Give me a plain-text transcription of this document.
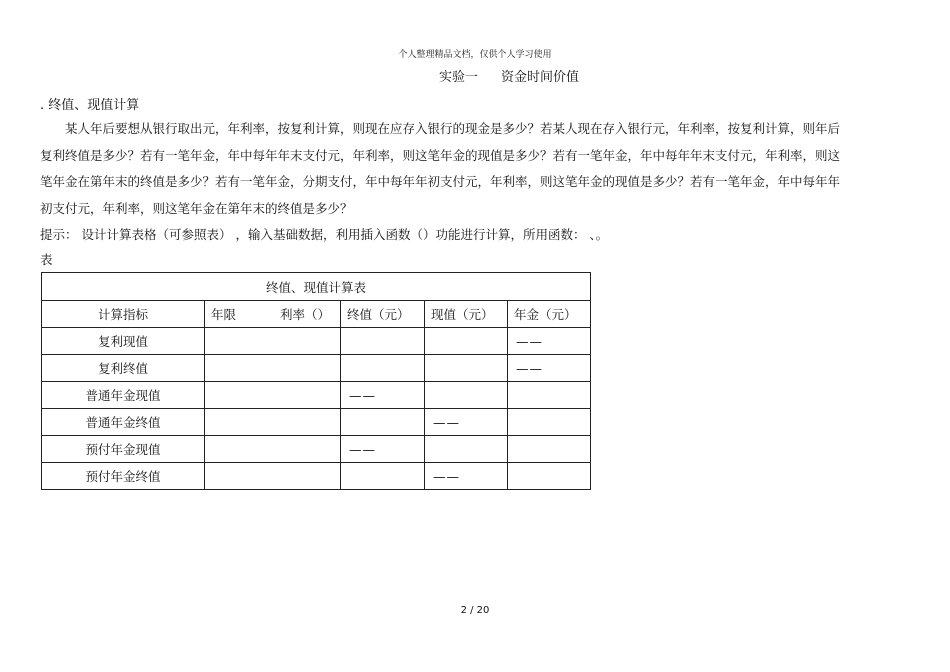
个人整理精品文档，仅供个人学习使用
实验一 资金时间价值
. 终值、现值计算
某人年后要想从银行取出元，年利率，按复利计算，则现在应存入银行的现金是多少？若某人现在存入银行元，年利率，按复利计算，则年后
复利终值是多少？若有一笔年金，年中每年年末支付元，年利率，则这笔年金的现值是多少？若有一笔年金，年中每年年末支付元，年利率，则这
笔年金在第年末的终值是多少？若有一笔年金，分期支付，年中每年年初支付元，年利率，则这笔年金的现值是多少？若有一笔年金，年中每年年
初支付元，年利率，则这笔年金在第年末的终值是多少？
提示： 设计计算表格（可参照表） ，输入基础数据，利用插入函数（）功能进行计算，所用函数： 、。
表
终值、现值计算表				
计算指标	年限 利率（）	终值（元）	现值（元）	年金（元）
复利现值				——
复利终值				——
普通年金现值		——		
普通年金终值			——	
预付年金现值		——		
预付年金终值			——	
2 / 20
